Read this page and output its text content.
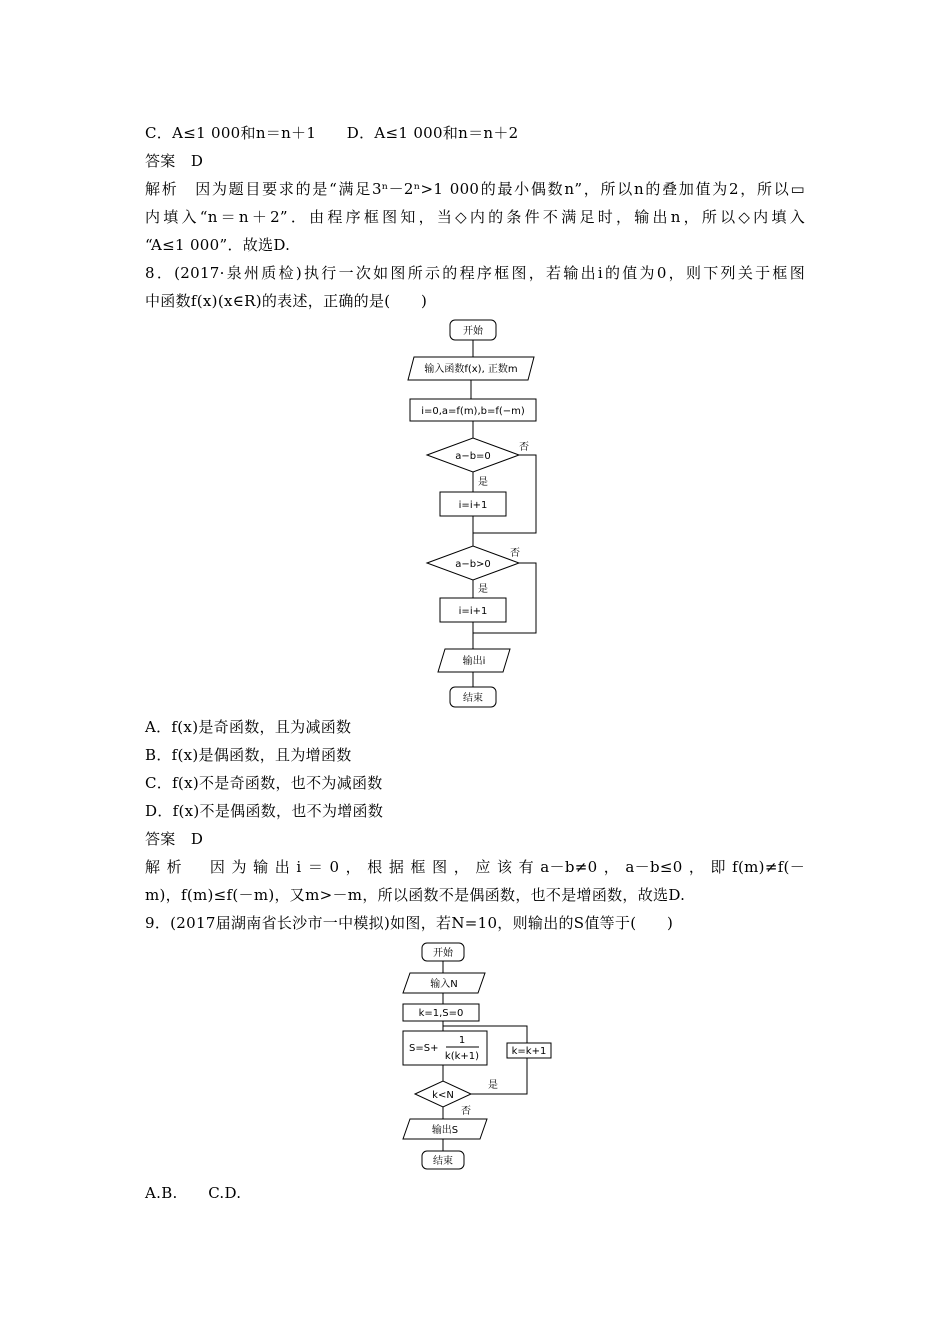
C．A≤1 000和n＝n＋1　　D．A≤1 000和n＝n＋2
答案　D
解析　因为题目要求的是“满足3ⁿ－2ⁿ>1 000的最小偶数n”，所以n的叠加值为2，所以▭
内填入“n＝n＋2”．由程序框图知，当◇内的条件不满足时，输出n，所以◇内填入
“A≤1 000”．故选D.
8．(2017·泉州质检)执行一次如图所示的程序框图，若输出i的值为0，则下列关于框图
中函数f(x)(x∈R)的表述，正确的是(　　)
开始
输入函数f(x), 正数m
i=0,a=f(m),b=f(−m)
a−b=0
否
是
i=i+1
a−b>0
否
是
i=i+1
输出i
结束
A．f(x)是奇函数，且为减函数
B．f(x)是偶函数，且为增函数
C．f(x)不是奇函数，也不为减函数
D．f(x)不是偶函数，也不为增函数
答案　D
解析　因为输出i＝0，根据框图，应该有a－b≠0，a－b≤0，即f(m)≠f(－
m)，f(m)≤f(－m)，又m>－m，所以函数不是偶函数，也不是增函数，故选D.
9．(2017届湖南省长沙市一中模拟)如图，若N=10，则输出的S值等于(　　)
开始
输入N
k=1,S=0
S=S+
1
k(k+1)	k=k+1
是
k<N
否
输出S
结束
A.B.　　C.D.
